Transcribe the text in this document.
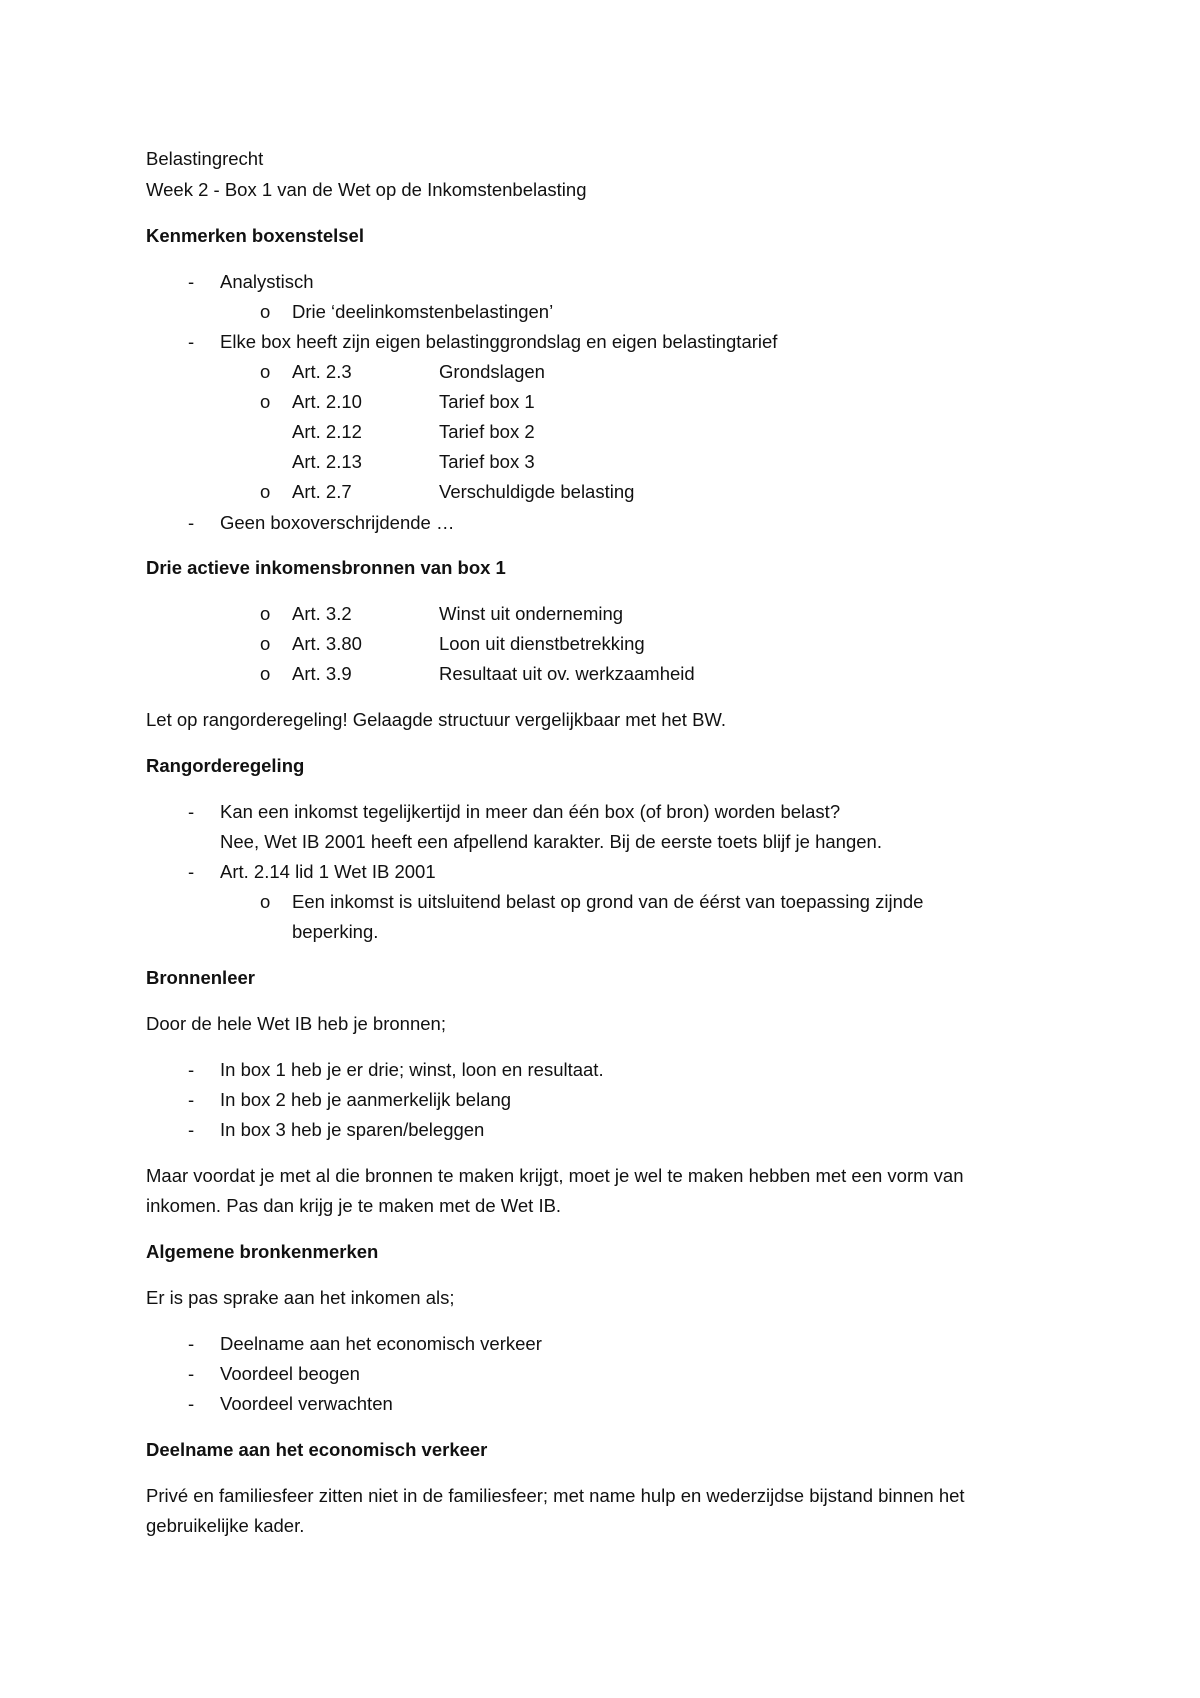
Belastingrecht
Week 2 - Box 1 van de Wet op de Inkomstenbelasting
Kenmerken boxenstelsel
- Analystisch
o Drie ‘deelinkomstenbelastingen’
- Elke box heeft zijn eigen belastinggrondslag en eigen belastingtarief
o Art. 2.3	Grondslagen
o Art. 2.10	Tarief box 1
Art. 2.12	Tarief box 2
Art. 2.13	Tarief box 3
o Art. 2.7	Verschuldigde belasting
- Geen boxoverschrijdende …
Drie actieve inkomensbronnen van box 1
o Art. 3.2	Winst uit onderneming
o Art. 3.80	Loon uit dienstbetrekking
o Art. 3.9	Resultaat uit ov. werkzaamheid
Let op rangorderegeling! Gelaagde structuur vergelijkbaar met het BW.
Rangorderegeling
- Kan een inkomst tegelijkertijd in meer dan één box (of bron) worden belast?
Nee, Wet IB 2001 heeft een afpellend karakter. Bij de eerste toets blijf je hangen.
- Art. 2.14 lid 1 Wet IB 2001
o Een inkomst is uitsluitend belast op grond van de éérst van toepassing zijnde
beperking.
Bronnenleer
Door de hele Wet IB heb je bronnen;
- In box 1 heb je er drie; winst, loon en resultaat.
- In box 2 heb je aanmerkelijk belang
- In box 3 heb je sparen/beleggen
Maar voordat je met al die bronnen te maken krijgt, moet je wel te maken hebben met een vorm van
inkomen. Pas dan krijg je te maken met de Wet IB.
Algemene bronkenmerken
Er is pas sprake aan het inkomen als;
- Deelname aan het economisch verkeer
- Voordeel beogen
- Voordeel verwachten
Deelname aan het economisch verkeer
Privé en familiesfeer zitten niet in de familiesfeer; met name hulp en wederzijdse bijstand binnen het
gebruikelijke kader.
